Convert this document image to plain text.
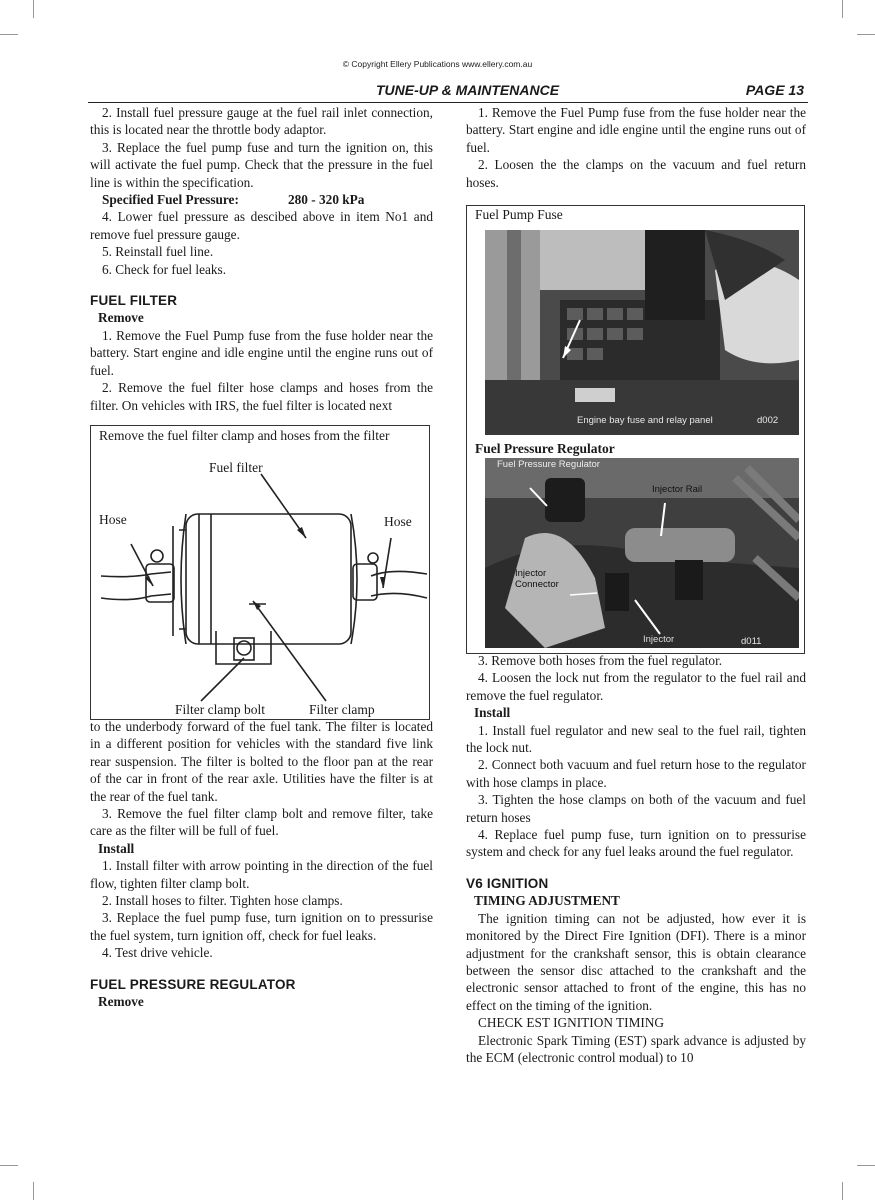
© Copyright Ellery Publications www.ellery.com.au
TUNE-UP & MAINTENANCE	PAGE 13

2. Install fuel pressure gauge at the fuel rail inlet connection, this is located near the throttle body adaptor.

3. Replace the fuel pump fuse and turn the ignition on, this will activate the fuel pump. Check that the pressure in the fuel line is within the specification.

Specified Fuel Pressure:	280 - 320 kPa

4. Lower fuel pressure as descibed above in item No1 and remove fuel pressure gauge.

5. Reinstall fuel line.

6. Check for fuel leaks.

FUEL FILTER

Remove

1. Remove the Fuel Pump fuse from the fuse holder near the battery. Start engine and idle engine until the engine runs out of fuel.

2. Remove the fuel filter hose clamps and hoses from the filter. On vehicles with IRS, the fuel filter is located next

Remove the fuel filter clamp and hoses from the filter
Fuel filter
Hose	Hose
Filter clamp bolt	Filter clamp

to the underbody forward of the fuel tank. The filter is located in a different position for vehicles with the standard five link rear suspension. The filter is bolted to the floor pan at the rear of the car in front of the rear axle. Utilities have the filter is at the rear of the fuel tank.

3. Remove the fuel filter clamp bolt and remove filter, take care as the filter will be full of fuel.

Install

1. Install filter with arrow pointing in the direction of the fuel flow, tighten filter clamp bolt.

2. Install hoses to filter. Tighten hose clamps.

3. Replace the fuel pump fuse, turn ignition on to pressurise the fuel system, turn ignition off, check for fuel leaks.

4. Test drive vehicle.

FUEL PRESSURE REGULATOR

Remove

1. Remove the Fuel Pump fuse from the fuse holder near the battery. Start engine and idle engine until the engine runs out of fuel.

2. Loosen the the clamps on the vacuum and fuel return hoses.

Fuel Pump Fuse
Engine bay fuse and relay panel	d002
Fuel Pressure Regulator
Fuel Pressure Regulator
Injector Rail
Injector
Connector
Injector	d011

3. Remove both hoses from the fuel regulator.

4. Loosen the lock nut from the regulator to the fuel rail and remove the fuel regulator.

Install

1. Install fuel regulator and new seal to the fuel rail, tighten the lock nut.

2. Connect both vacuum and fuel return hose to the regulator with hose clamps in place.

3. Tighten the hose clamps on both of the vacuum and fuel return hoses

4. Replace fuel pump fuse, turn ignition on to pressurise system and check for any fuel leaks around the fuel regulator.

V6 IGNITION

TIMING ADJUSTMENT

The ignition timing can not be adjusted, how ever it is monitored by the Direct Fire Ignition (DFI). There is a minor adjustment for the crankshaft sensor, this is obtain clearance between the sensor disc attached to the crankshaft and the electronic sensor attached to front of the engine, this has no effect on the timing of the ignition.

CHECK EST IGNITION TIMING

Electronic Spark Timing (EST) spark advance is adjusted by the ECM (electronic control modual) to 10
